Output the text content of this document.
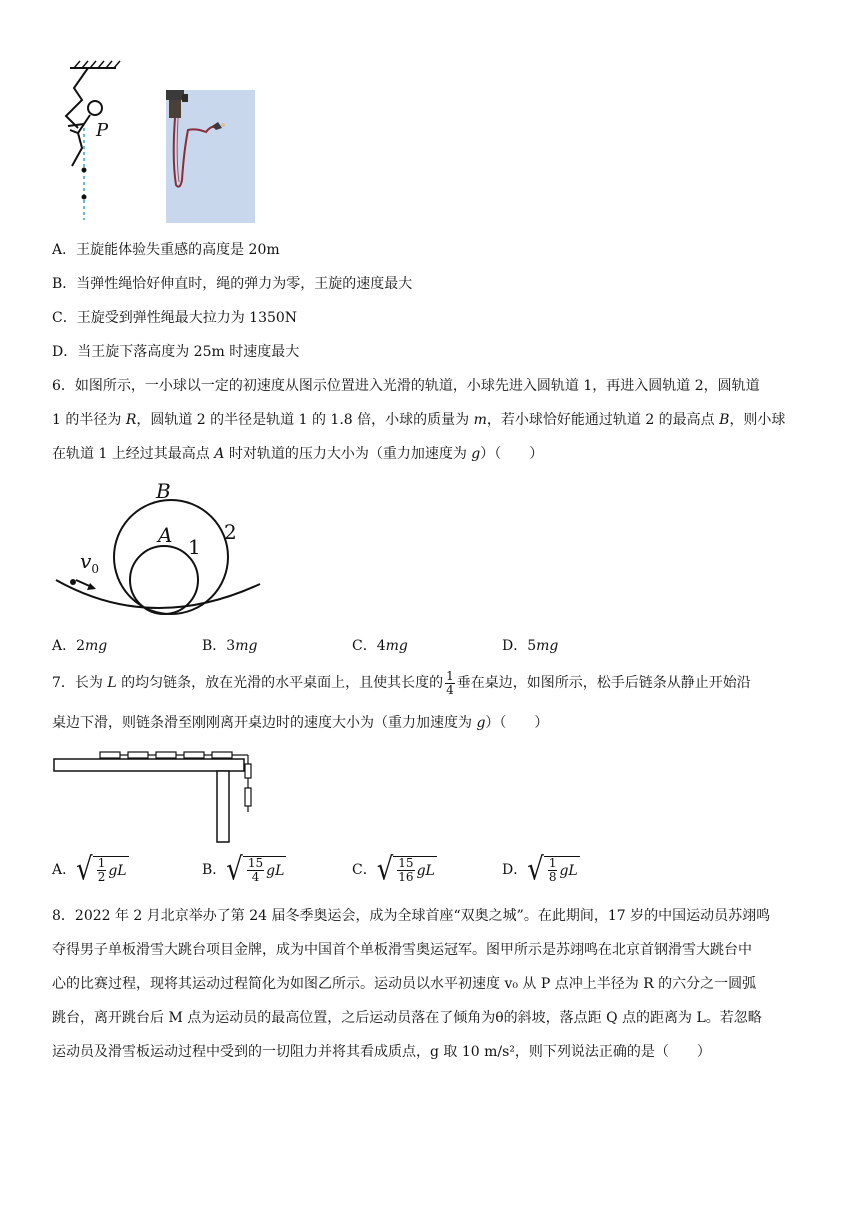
P
A．王旋能体验失重感的高度是 20m
B．当弹性绳恰好伸直时，绳的弹力为零，王旋的速度最大
C．王旋受到弹性绳最大拉力为 1350N
D．当王旋下落高度为 25m 时速度最大
6．如图所示，一小球以一定的初速度从图示位置进入光滑的轨道，小球先进入圆轨道 1，再进入圆轨道 2，圆轨道
1 的半径为 R，圆轨道 2 的半径是轨道 1 的 1.8 倍，小球的质量为 m，若小球恰好能通过轨道 2 的最高点 B，则小球
在轨道 1 上经过其最高点 A 时对轨道的压力大小为（重力加速度为 g）（　　）
B
A 1
2
$v_0$
A．2mg	B．3mg	C．4mg	D．5mg
7．长为 L 的均匀链条，放在光滑的水平桌面上，且使其长度的 $\frac{1}{4}$ 垂在桌边，如图所示，松手后链条从静止开始沿
桌边下滑，则链条滑至刚刚离开桌边时的速度大小为（重力加速度为 g）（　　）
A． √ $\frac{1}{2}$ gL	B． √ $\frac{15}{4}$ gL	C． √ $\frac{15}{16}$ gL	D． √ $\frac{1}{8}$ gL
8．2022 年 2 月北京举办了第 24 届冬季奥运会，成为全球首座“双奥之城”。在此期间，17 岁的中国运动员苏翊鸣
夺得男子单板滑雪大跳台项目金牌，成为中国首个单板滑雪奥运冠军。图甲所示是苏翊鸣在北京首钢滑雪大跳台中
心的比赛过程，现将其运动过程简化为如图乙所示。运动员以水平初速度 v₀ 从 P 点冲上半径为 R 的六分之一圆弧
跳台，离开跳台后 M 点为运动员的最高位置，之后运动员落在了倾角为θ的斜坡，落点距 Q 点的距离为 L。若忽略
运动员及滑雪板运动过程中受到的一切阻力并将其看成质点，g 取 10 m/s²，则下列说法正确的是（　　）
